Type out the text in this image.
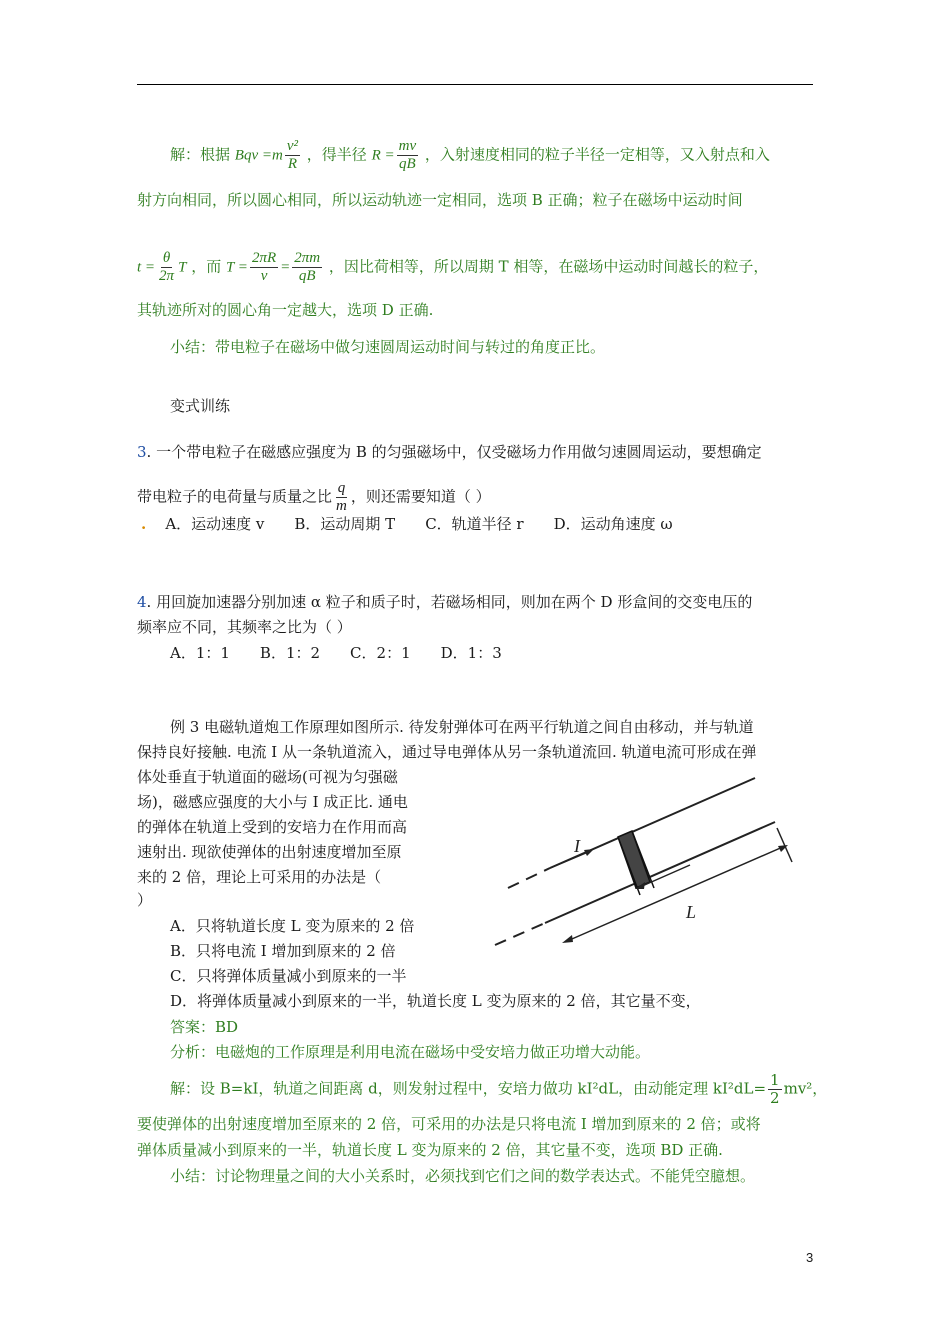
解：根据 Bqv $=m \frac{\text{v²}}{R}$ ，得半径 $R = \frac{mv}{qB}$ ，入射速度相同的粒子半径一定相等，又入射点和入
射方向相同，所以圆心相同，所以运动轨迹一定相同，选项 B 正确；粒子在磁场中运动时间
$t = \frac{\theta}{2\pi}$ T ，而 $T = \frac{2\pi R}{v} = \frac{2\pi m}{qB}$ ，因比荷相等，所以周期 T 相等，在磁场中运动时间越长的粒子，
其轨迹所对的圆心角一定越大，选项 D 正确.
小结：带电粒子在磁场中做匀速圆周运动时间与转过的角度正比。
变式训练
3. 一个带电粒子在磁感应强度为 B 的匀强磁场中，仅受磁场力作用做匀速圆周运动，要想确定
带电粒子的电荷量与质量之比 $\frac{q}{m}$ ，则还需要知道（ ）
. A．运动速度 v B．运动周期 T C．轨道半径 r D．运动角速度 ω
4. 用回旋加速器分别加速 α 粒子和质子时，若磁场相同，则加在两个 D 形盒间的交变电压的
频率应不同，其频率之比为（ ）
A．1：1 B．1：2 C．2：1 D．1：3
例 3 电磁轨道炮工作原理如图所示. 待发射弹体可在两平行轨道之间自由移动，并与轨道
保持良好接触. 电流 I 从一条轨道流入，通过导电弹体从另一条轨道流回. 轨道电流可形成在弹
体处垂直于轨道面的磁场(可视为匀强磁
场)，磁感应强度的大小与 I 成正比. 通电
的弹体在轨道上受到的安培力在作用而高
速射出. 现欲使弹体的出射速度增加至原
来的 2 倍，理论上可采用的办法是（
）
A．只将轨道长度 L 变为原来的 2 倍
B．只将电流 I 增加到原来的 2 倍
C．只将弹体质量减小到原来的一半
D．将弹体质量减小到原来的一半，轨道长度 L 变为原来的 2 倍，其它量不变，
答案：BD
分析：电磁炮的工作原理是利用电流在磁场中受安培力做正功增大动能。
解：设 B=kI，轨道之间距离 d，则发射过程中，安培力做功 kI²dL，由动能定理 $kI^2dL= \frac{1}{2} mv^2$，
要使弹体的出射速度增加至原来的 2 倍，可采用的办法是只将电流 I 增加到原来的 2 倍；或将
弹体质量减小到原来的一半，轨道长度 L 变为原来的 2 倍，其它量不变，选项 BD 正确.
小结：讨论物理量之间的大小关系时，必须找到它们之间的数学表达式。不能凭空臆想。
I
L
3
